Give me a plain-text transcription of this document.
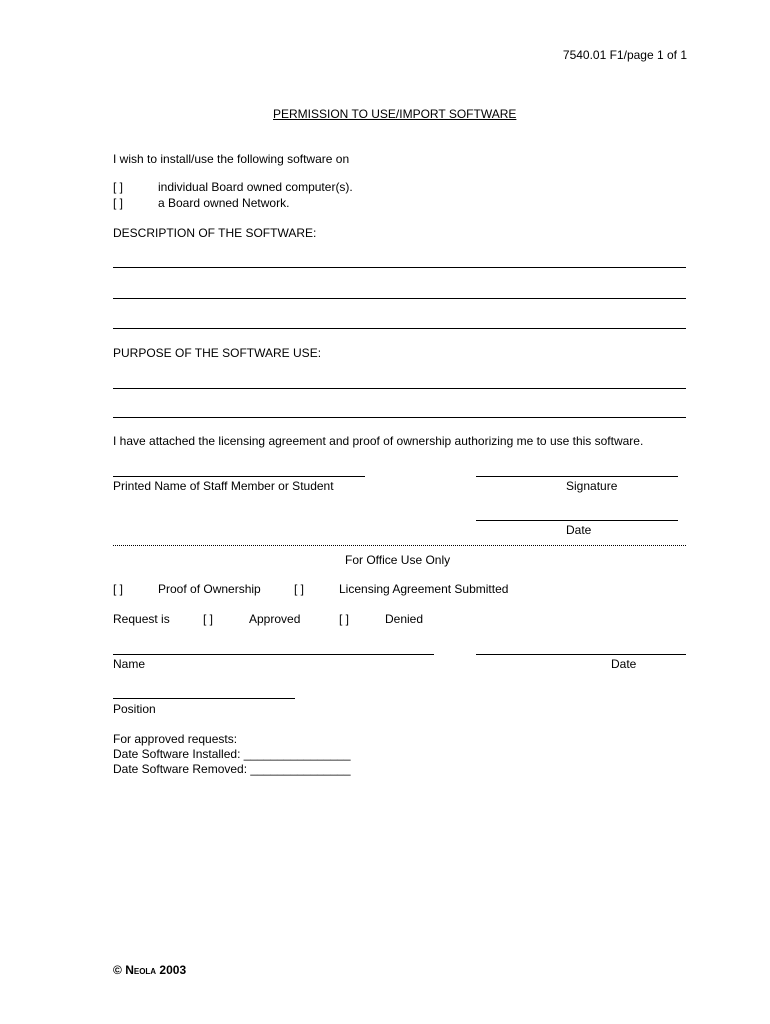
7540.01 F1/page 1 of 1
PERMISSION TO USE/IMPORT SOFTWARE
I wish to install/use the following software on
[ ]	individual Board owned computer(s).
[ ]	a Board owned Network.
DESCRIPTION OF THE SOFTWARE:
PURPOSE OF THE SOFTWARE USE:
I have attached the licensing agreement and proof of ownership authorizing me to use this software.
Printed Name of Staff Member or Student	Signature
Date
For Office Use Only
[ ]	Proof of Ownership	[ ]	Licensing Agreement Submitted
Request is	[ ]	Approved	[ ]	Denied
Name	Date
Position
For approved requests:
Date Software Installed: ________________
Date Software Removed: _______________
© Neola 2003
